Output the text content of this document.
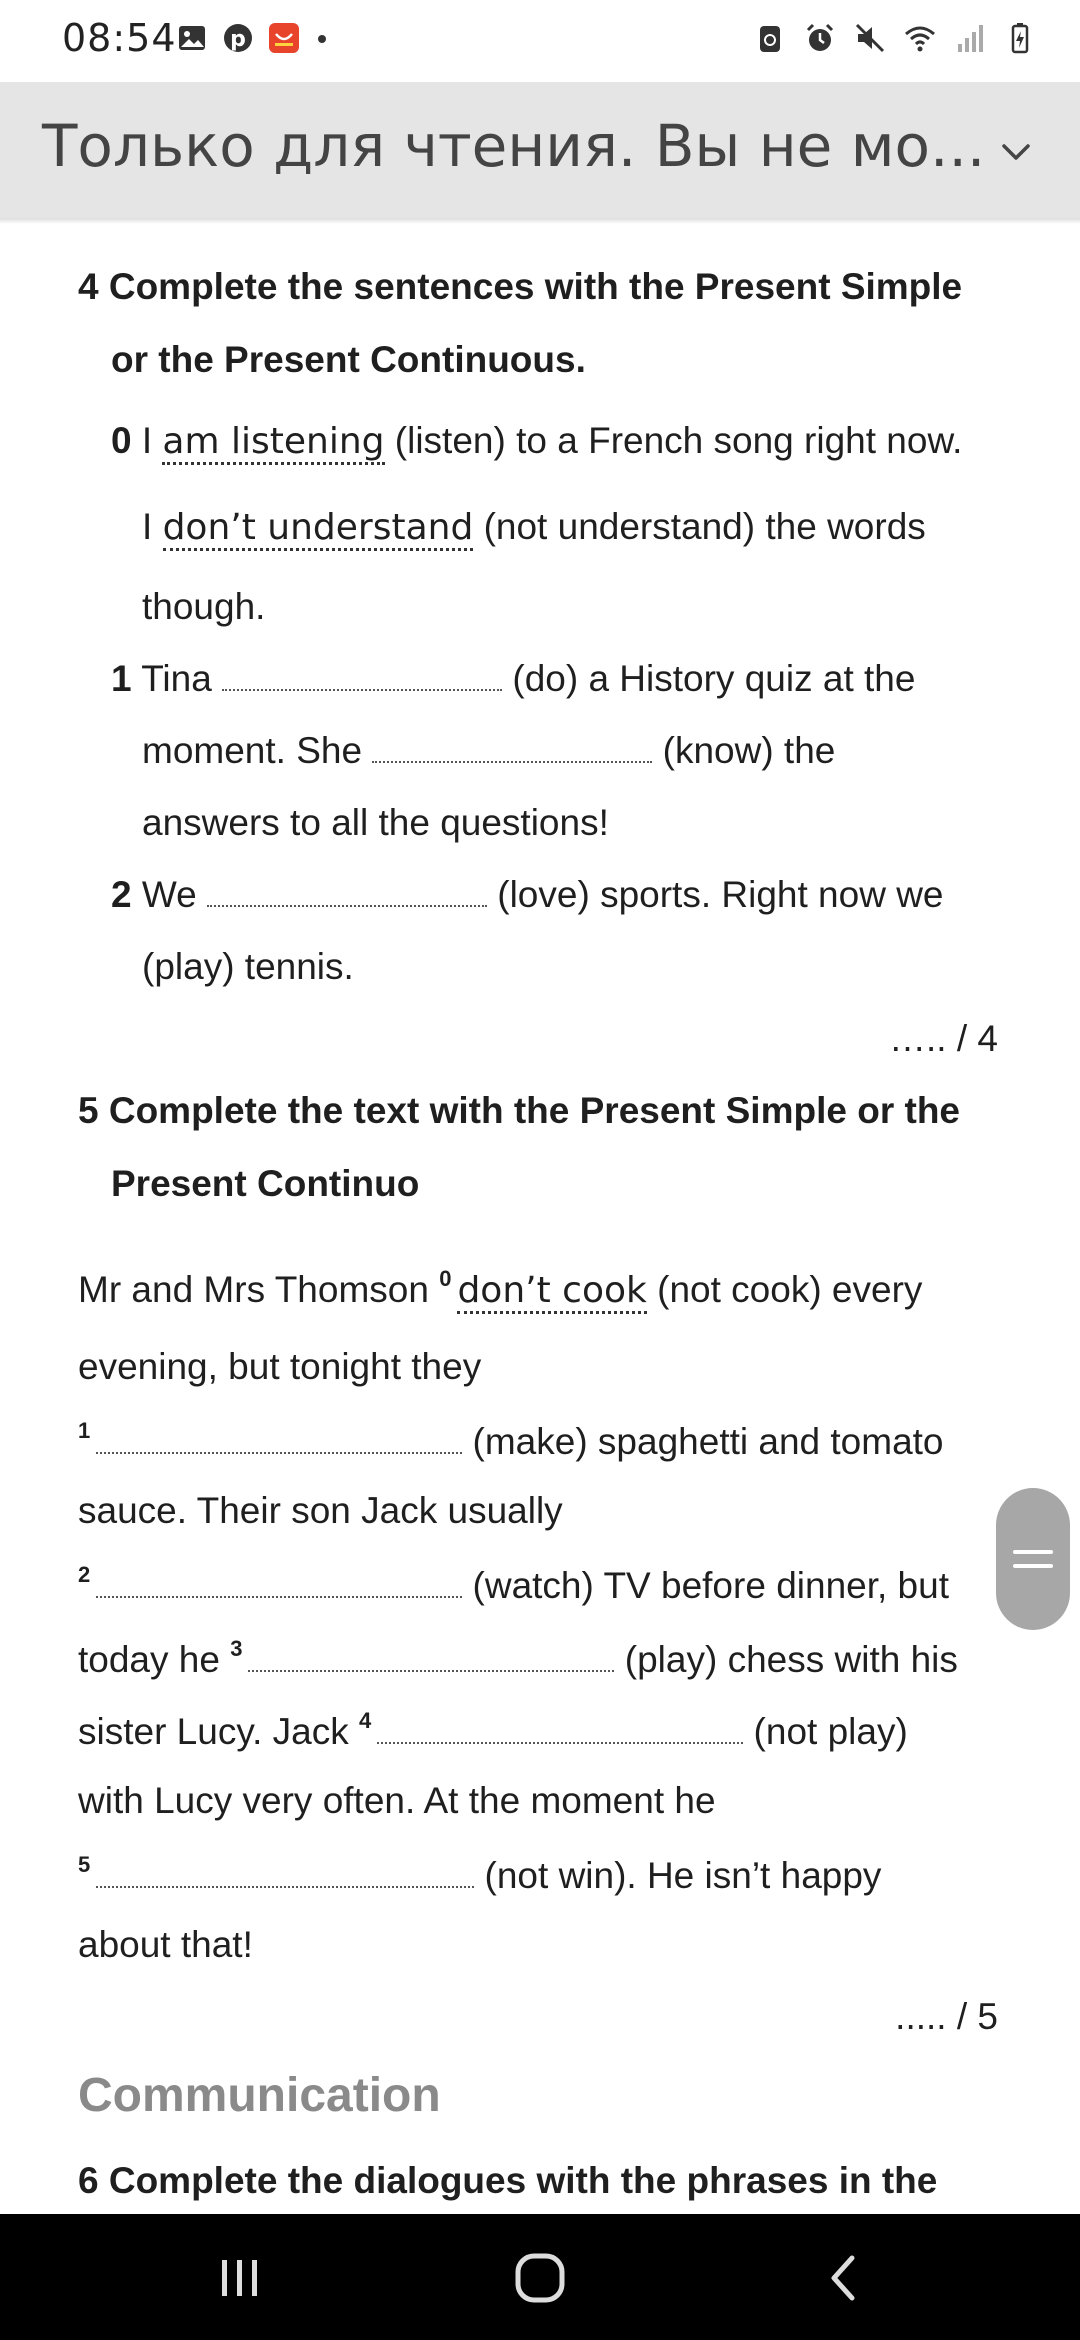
08:54 p
Только для чтения. Вы не мо...
4 Complete the sentences with the Present Simple
or the Present Continuous.
0 I am listening (listen) to a French song right now.
I don’t understand (not understand) the words
though.
1 Tina	(do) a History quiz at the
moment. She	(know) the
answers to all the questions!
2 We	(love) sports. Right now we
(play) tennis.
….. / 4
5 Complete the text with the Present Simple or the
Present Continuo
Mr and Mrs Thomson $^0$ don’t cook (not cook) every
evening, but tonight they
$^1$	(make) spaghetti and tomato
sauce. Their son Jack usually
$^2$	(watch) TV before dinner, but
today he $^3$	(play) chess with his
sister Lucy. Jack $^4$	(not play)
with Lucy very often. At the moment he
$^5$	(not win). He isn’t happy
about that!
..... / 5
Communication
6 Complete the dialogues with the phrases in the
